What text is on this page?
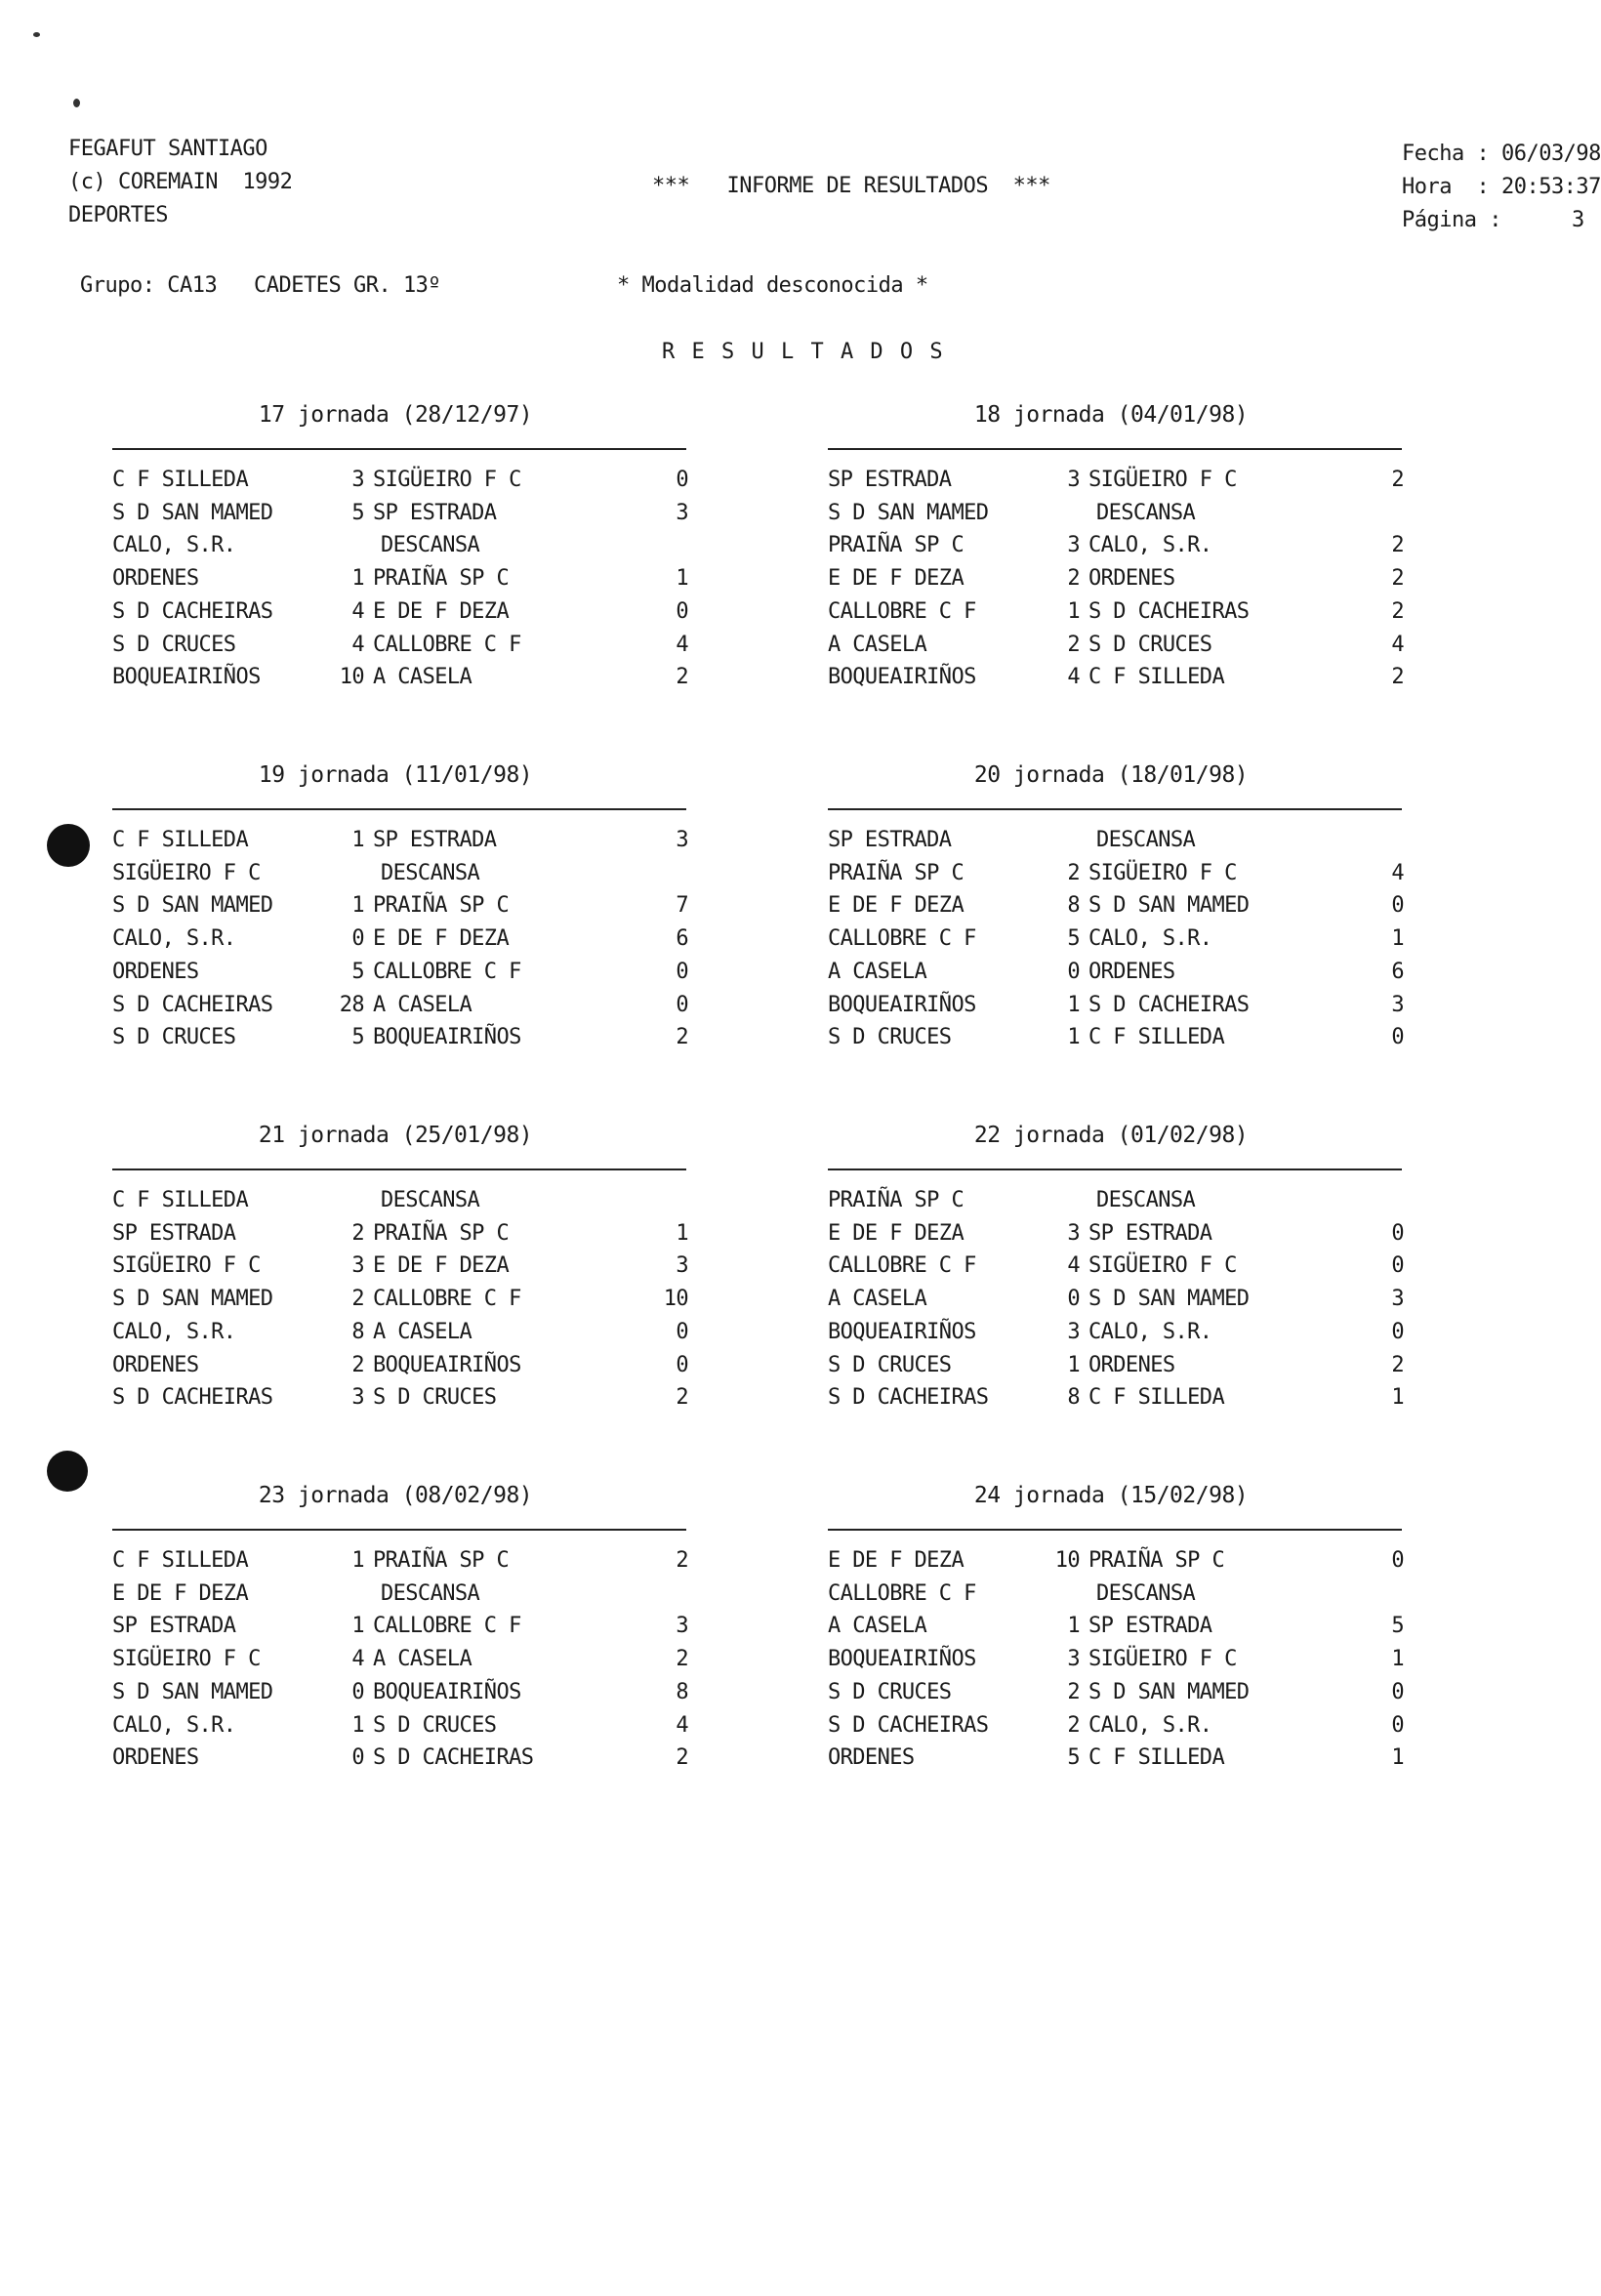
FEGAFUT SANTIAGO
(c) COREMAIN  1992
DEPORTES
***   INFORME DE RESULTADOS  ***
Fecha : 06/03/98
Hora  : 20:53:37
Página :	3
Grupo: CA13 CADETES GR. 13º	* Modalidad desconocida *
R E S U L T A D O S
17 jornada (28/12/97)
C F SILLEDA	3 SIGÜEIRO F C	0
S D SAN MAMED	5 SP ESTRADA	3
CALO, S.R.	DESCANSA
ORDENES	1 PRAIÑA SP C	1
S D CACHEIRAS	4 E DE F DEZA	0
S D CRUCES	4 CALLOBRE C F	4
BOQUEAIRIÑOS	10 A CASELA	2
18 jornada (04/01/98)
SP ESTRADA	3 SIGÜEIRO F C	2
S D SAN MAMED	DESCANSA
PRAIÑA SP C	3 CALO, S.R.	2
E DE F DEZA	2 ORDENES	2
CALLOBRE C F	1 S D CACHEIRAS	2
A CASELA	2 S D CRUCES	4
BOQUEAIRIÑOS	4 C F SILLEDA	2
19 jornada (11/01/98)
C F SILLEDA	1 SP ESTRADA	3
SIGÜEIRO F C	DESCANSA
S D SAN MAMED	1 PRAIÑA SP C	7
CALO, S.R.	0 E DE F DEZA	6
ORDENES	5 CALLOBRE C F	0
S D CACHEIRAS	28 A CASELA	0
S D CRUCES	5 BOQUEAIRIÑOS	2
20 jornada (18/01/98)
SP ESTRADA	DESCANSA
PRAIÑA SP C	2 SIGÜEIRO F C	4
E DE F DEZA	8 S D SAN MAMED	0
CALLOBRE C F	5 CALO, S.R.	1
A CASELA	0 ORDENES	6
BOQUEAIRIÑOS	1 S D CACHEIRAS	3
S D CRUCES	1 C F SILLEDA	0
21 jornada (25/01/98)
C F SILLEDA	DESCANSA
SP ESTRADA	2 PRAIÑA SP C	1
SIGÜEIRO F C	3 E DE F DEZA	3
S D SAN MAMED	2 CALLOBRE C F	10
CALO, S.R.	8 A CASELA	0
ORDENES	2 BOQUEAIRIÑOS	0
S D CACHEIRAS	3 S D CRUCES	2
22 jornada (01/02/98)
PRAIÑA SP C	DESCANSA
E DE F DEZA	3 SP ESTRADA	0
CALLOBRE C F	4 SIGÜEIRO F C	0
A CASELA	0 S D SAN MAMED	3
BOQUEAIRIÑOS	3 CALO, S.R.	0
S D CRUCES	1 ORDENES	2
S D CACHEIRAS	8 C F SILLEDA	1
23 jornada (08/02/98)
C F SILLEDA	1 PRAIÑA SP C	2
E DE F DEZA	DESCANSA
SP ESTRADA	1 CALLOBRE C F	3
SIGÜEIRO F C	4 A CASELA	2
S D SAN MAMED	0 BOQUEAIRIÑOS	8
CALO, S.R.	1 S D CRUCES	4
ORDENES	0 S D CACHEIRAS	2
24 jornada (15/02/98)
E DE F DEZA	10 PRAIÑA SP C	0
CALLOBRE C F	DESCANSA
A CASELA	1 SP ESTRADA	5
BOQUEAIRIÑOS	3 SIGÜEIRO F C	1
S D CRUCES	2 S D SAN MAMED	0
S D CACHEIRAS	2 CALO, S.R.	0
ORDENES	5 C F SILLEDA	1
